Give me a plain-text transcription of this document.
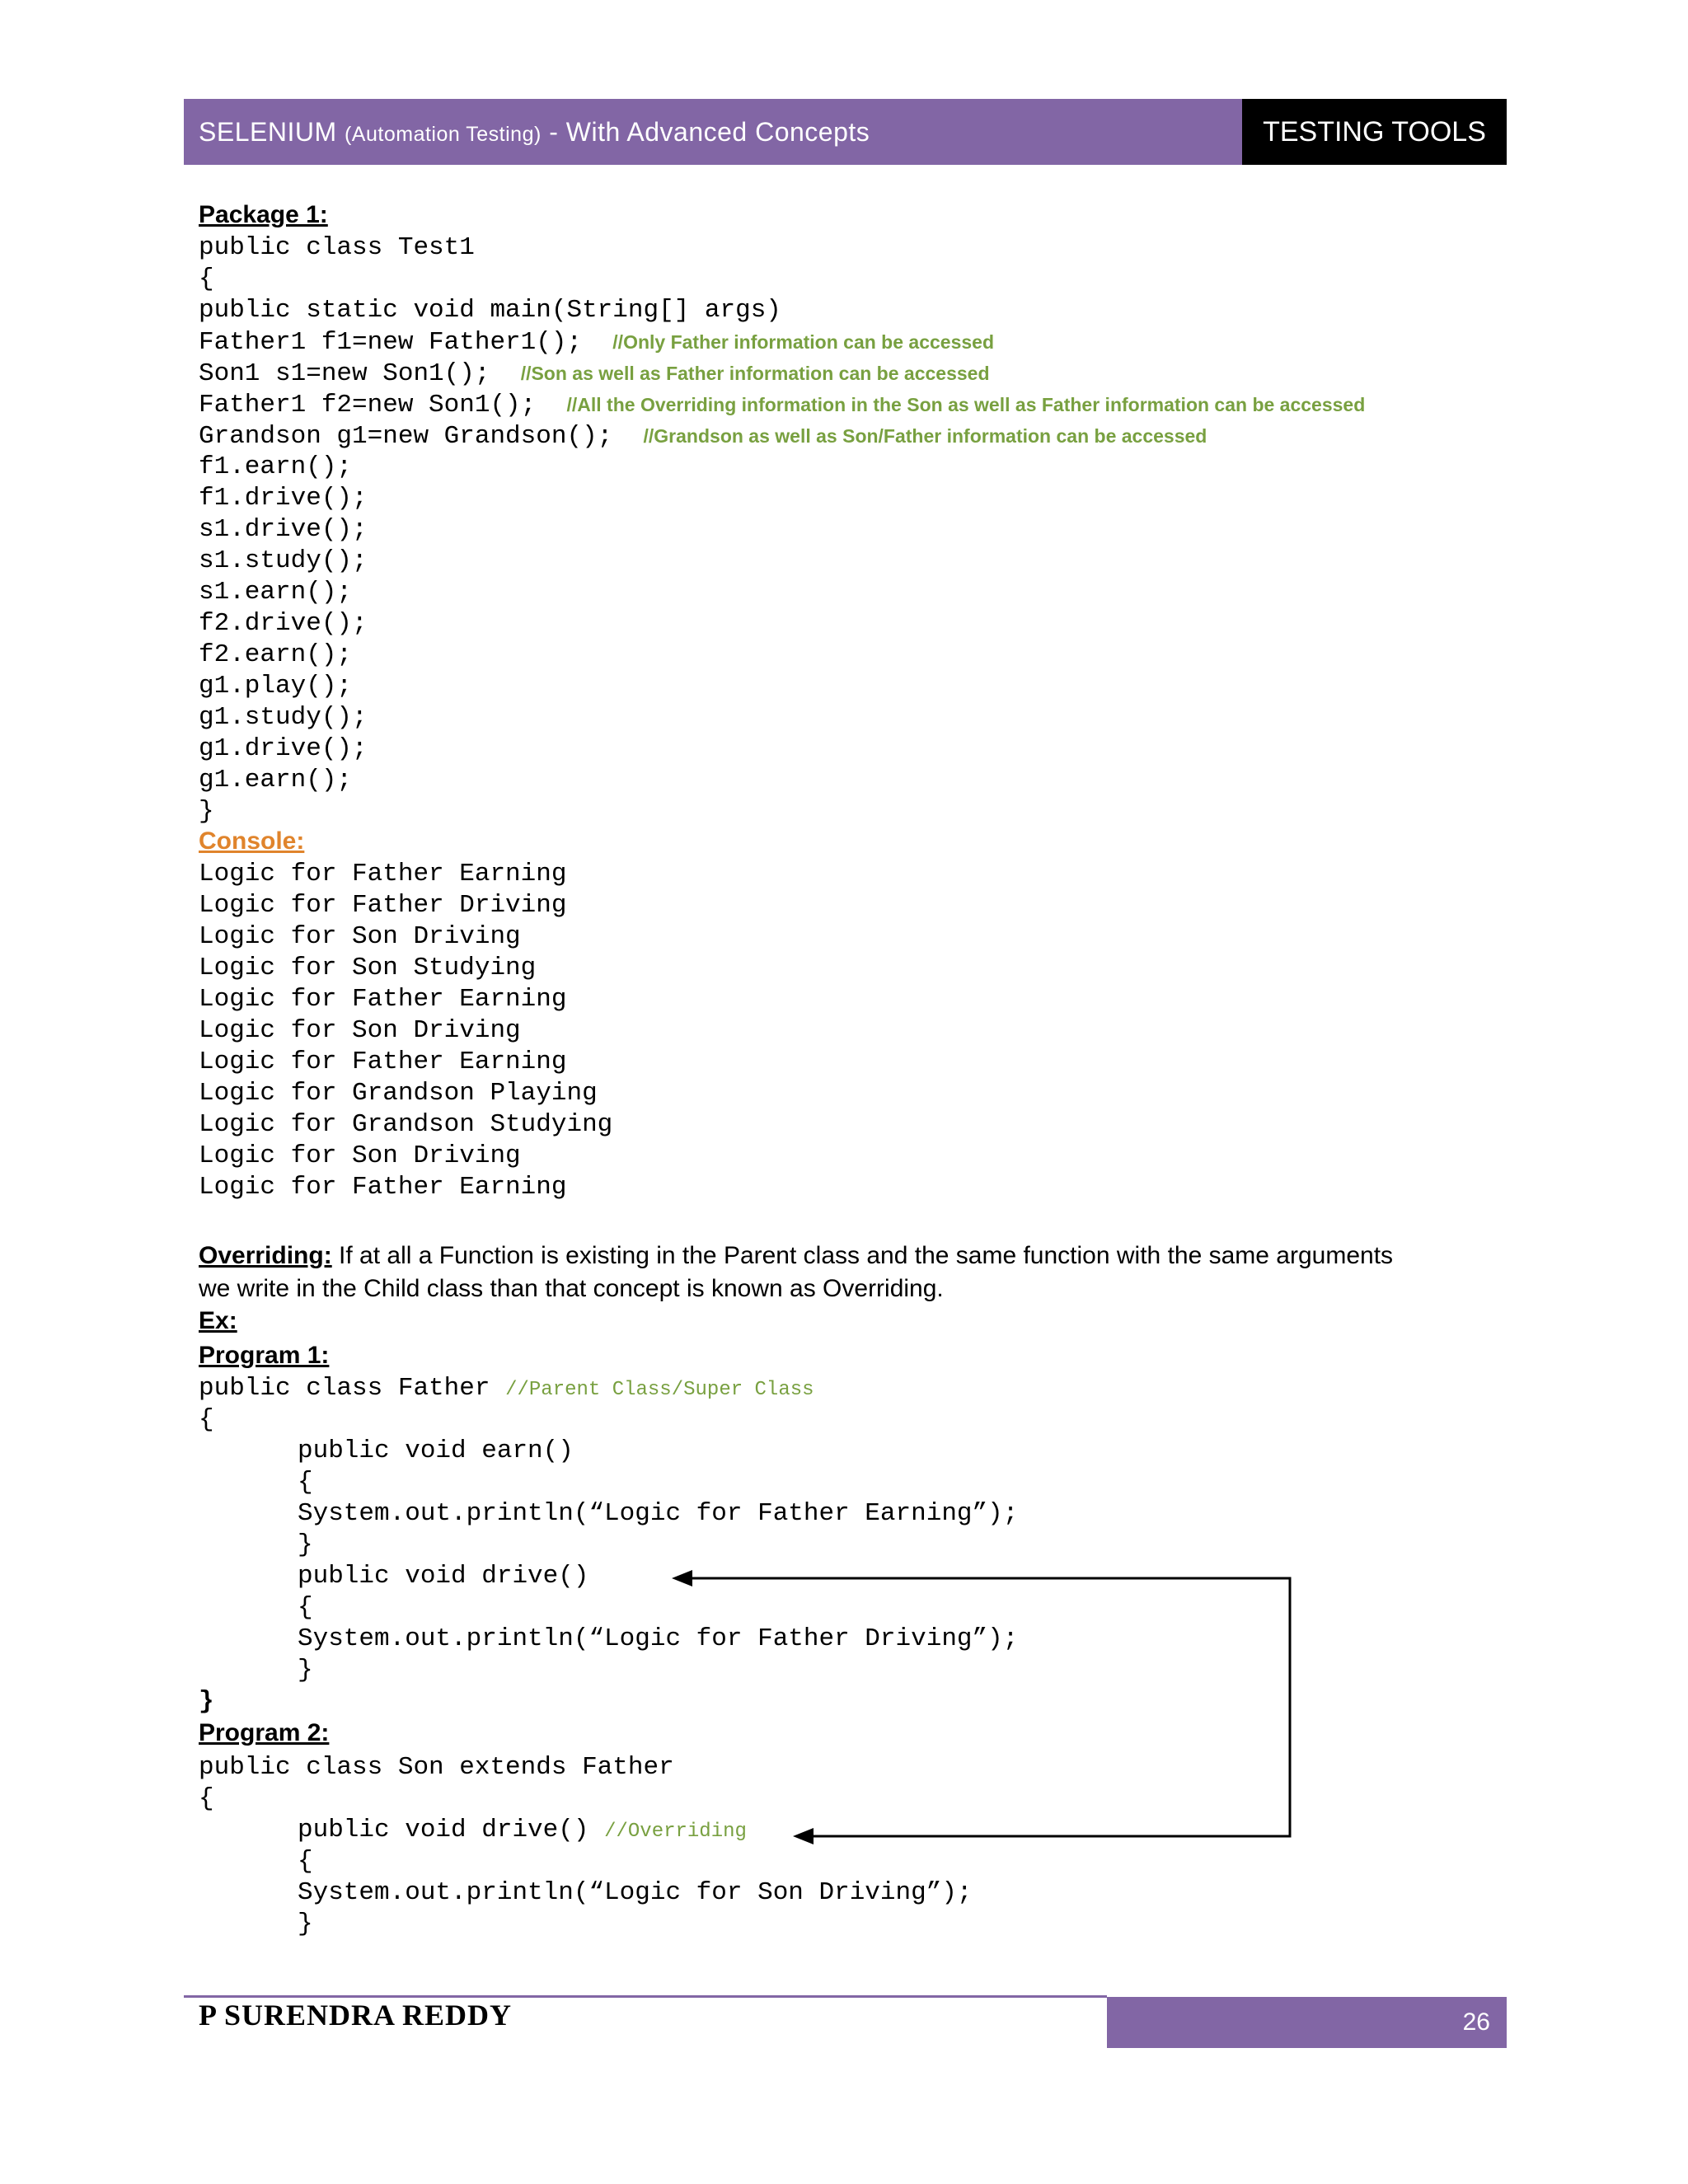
SELENIUM (Automation Testing) - With Advanced Concepts	TESTING TOOLS
Package 1:
public class Test1
{
public static void main(String[] args)
Father1 f1=new Father1(); //Only Father information can be accessed
Son1 s1=new Son1(); //Son as well as Father information can be accessed
Father1 f2=new Son1(); //All the Overriding information in the Son as well as Father information can be accessed
Grandson g1=new Grandson(); //Grandson as well as Son/Father information can be accessed
f1.earn();
f1.drive();
s1.drive();
s1.study();
s1.earn();
f2.drive();
f2.earn();
g1.play();
g1.study();
g1.drive();
g1.earn();
}
Console:
Logic for Father Earning
Logic for Father Driving
Logic for Son Driving
Logic for Son Studying
Logic for Father Earning
Logic for Son Driving
Logic for Father Earning
Logic for Grandson Playing
Logic for Grandson Studying
Logic for Son Driving
Logic for Father Earning
Overriding: If at all a Function is existing in the Parent class and the same function with the same arguments
we write in the Child class than that concept is known as Overriding.
Ex:
Program 1:
public class Father //Parent Class/Super Class
{
public void earn()
{
System.out.println(“Logic for Father Earning”);
}
public void drive()
{
System.out.println(“Logic for Father Driving”);
}
}
Program 2:
public class Son extends Father
{
public void drive() //Overriding
{
System.out.println(“Logic for Son Driving”);
}
P SURENDRA REDDY	26
